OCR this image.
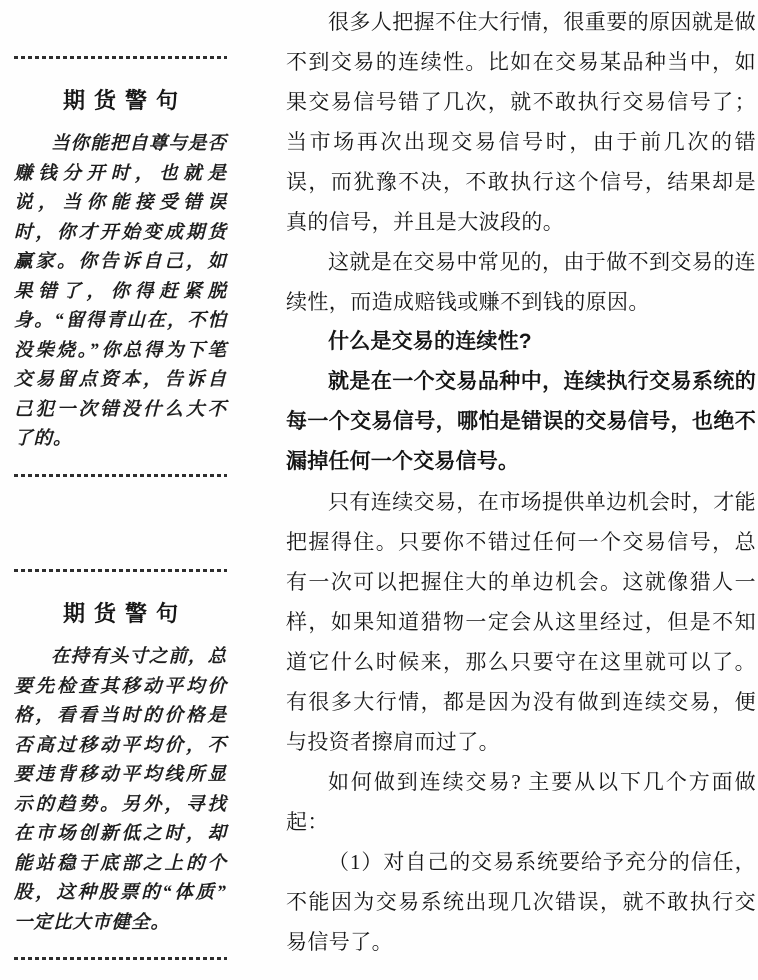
期货警句

当你能把自尊与是否赚钱分开时，也就是说，当你能接受错误时，你才开始变成期货赢家。你告诉自己，如果错了，你得赶紧脱身。“留得青山在，不怕没柴烧。”你总得为下笔交易留点资本，告诉自己犯一次错没什么大不了的。

期货警句

在持有头寸之前，总要先检查其移动平均价格，看看当时的价格是否高过移动平均价，不要违背移动平均线所显示的趋势。另外，寻找在市场创新低之时，却能站稳于底部之上的个股，这种股票的“体质”一定比大市健全。

很多人把握不住大行情，很重要的原因就是做不到交易的连续性。比如在交易某品种当中，如果交易信号错了几次，就不敢执行交易信号了；当市场再次出现交易信号时，由于前几次的错误，而犹豫不决，不敢执行这个信号，结果却是真的信号，并且是大波段的。

这就是在交易中常见的，由于做不到交易的连续性，而造成赔钱或赚不到钱的原因。

什么是交易的连续性?

就是在一个交易品种中，连续执行交易系统的每一个交易信号，哪怕是错误的交易信号，也绝不漏掉任何一个交易信号。

只有连续交易，在市场提供单边机会时，才能把握得住。只要你不错过任何一个交易信号，总有一次可以把握住大的单边机会。这就像猎人一样，如果知道猎物一定会从这里经过，但是不知道它什么时候来，那么只要守在这里就可以了。有很多大行情，都是因为没有做到连续交易，便与投资者擦肩而过了。

如何做到连续交易? 主要从以下几个方面做起：

（1）对自己的交易系统要给予充分的信任，不能因为交易系统出现几次错误，就不敢执行交易信号了。
